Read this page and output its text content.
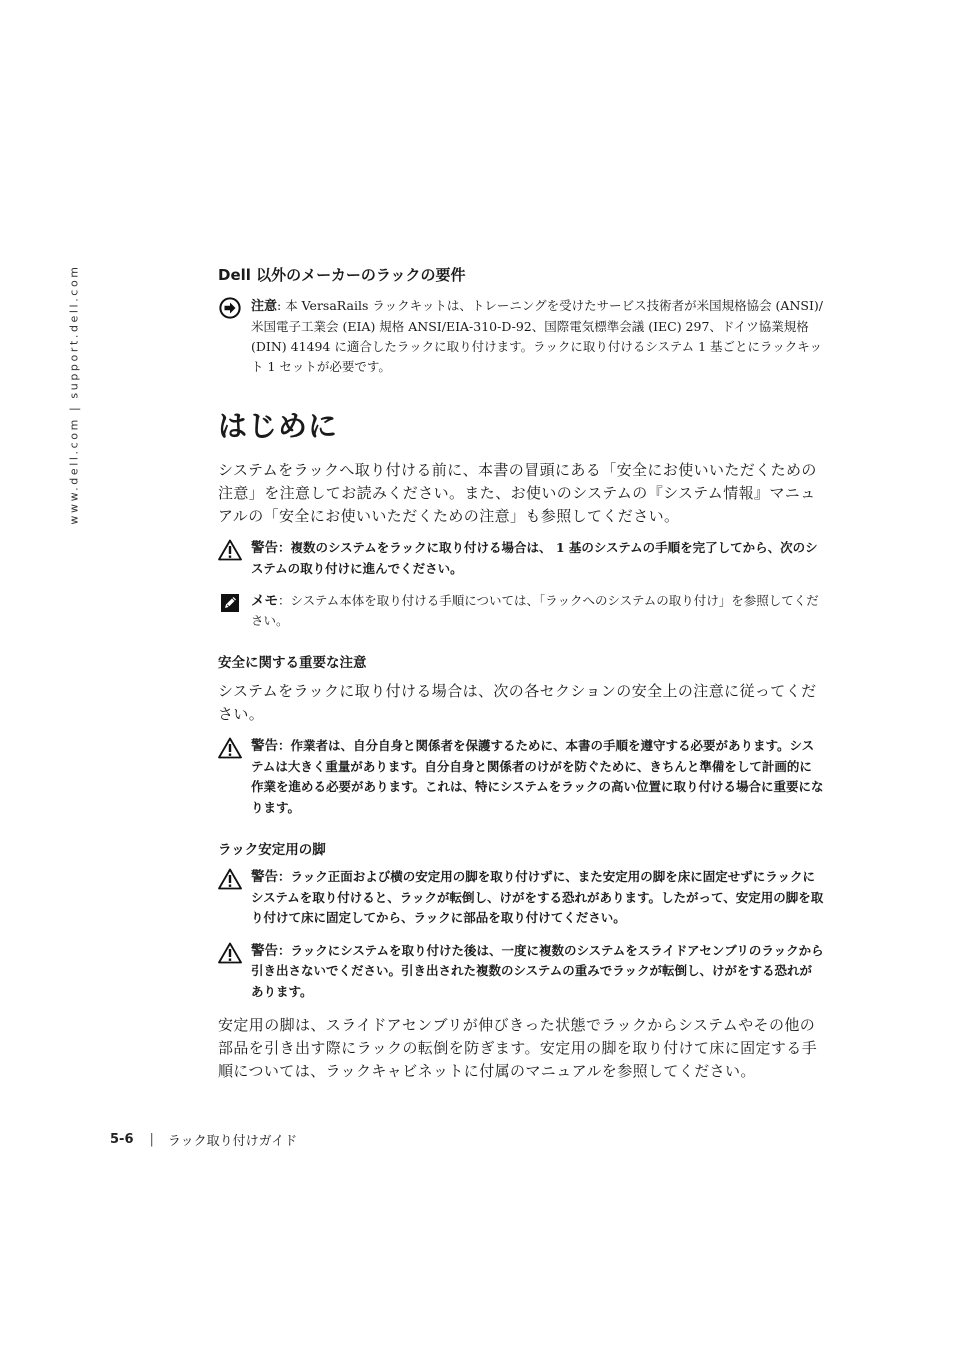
www.dell.com | support.dell.com	Dell 以外のメーカーのラックの要件
注意: 本 VersaRails ラックキットは、トレーニングを受けたサービス技術者が米国規格協会 (ANSI)/ 米国電子工業会 (EIA) 規格 ANSI/EIA-310-D-92、国際電気標準会議 (IEC) 297、ドイツ協業規格 (DIN) 41494 に適合したラックに取り付けます。ラックに取り付けるシステム 1 基ごとにラックキット 1 セットが必要です。
はじめに

システムをラックへ取り付ける前に、本書の冒頭にある「安全にお使いいただくための注意」を注意してお読みください。また、お使いのシステムの『システム情報』マニュアルの「安全にお使いいただくための注意」も参照してください。

警告：複数のシステムをラックに取り付ける場合は、 1 基のシステムの手順を完了してから、次のシステムの取り付けに進んでください。
メモ：システム本体を取り付ける手順については、「ラックへのシステムの取り付け」を参照してください。
安全に関する重要な注意

システムをラックに取り付ける場合は、次の各セクションの安全上の注意に従ってください。

警告：作業者は、自分自身と関係者を保護するために、本書の手順を遵守する必要があります。システムは大きく重量があります。自分自身と関係者のけがを防ぐために、きちんと準備をして計画的に作業を進める必要があります。これは、特にシステムをラックの高い位置に取り付ける場合に重要になります。
ラック安定用の脚
警告：ラック正面および横の安定用の脚を取り付けずに、また安定用の脚を床に固定せずにラックにシステムを取り付けると、ラックが転倒し、けがをする恐れがあります。したがって、安定用の脚を取り付けて床に固定してから、ラックに部品を取り付けてください。
警告：ラックにシステムを取り付けた後は、一度に複数のシステムをスライドアセンブリのラックから引き出さないでください。引き出された複数のシステムの重みでラックが転倒し、けがをする恐れがあります。

安定用の脚は、スライドアセンブリが伸びきった状態でラックからシステムやその他の部品を引き出す際にラックの転倒を防ぎます。安定用の脚を取り付けて床に固定する手順については、ラックキャビネットに付属のマニュアルを参照してください。

5-6 | ラック取り付けガイド
